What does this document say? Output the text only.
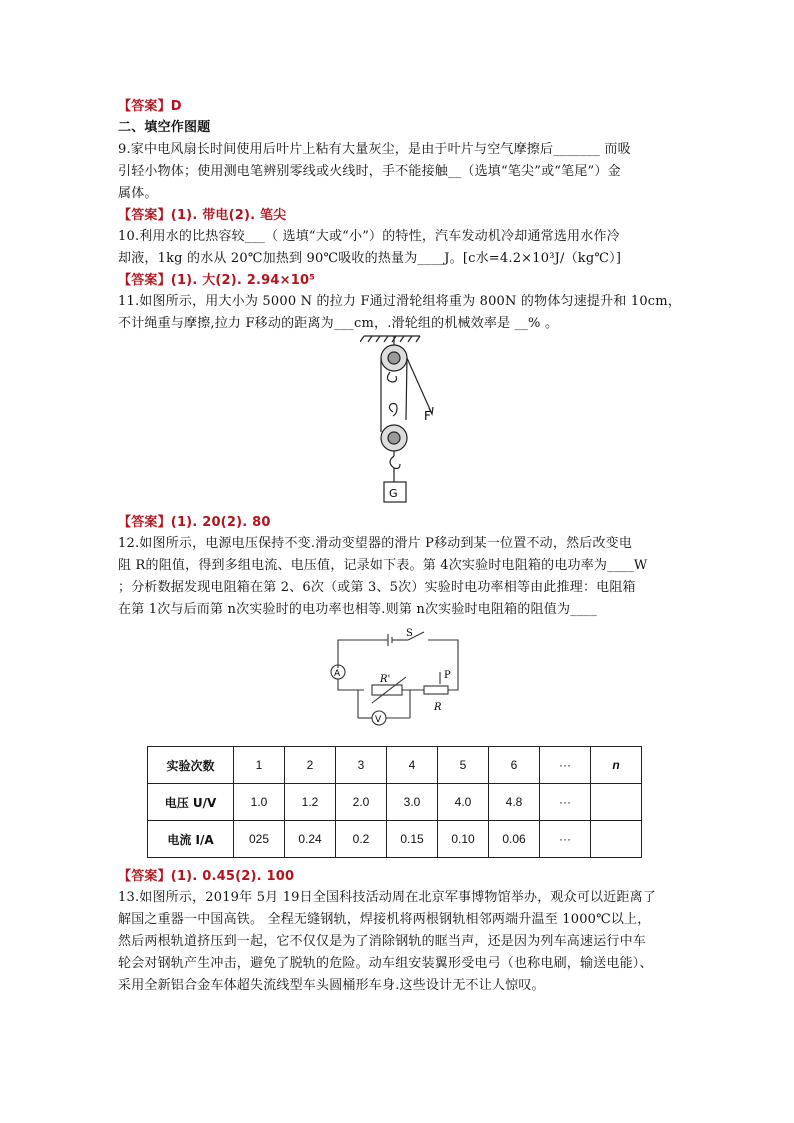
【答案】D
二、填空作图题
9.家中电风扇长时间使用后叶片上粘有大量灰尘，是由于叶片与空气摩擦后_______ 而吸
引轻小物体；使用测电笔辨别零线或火线时，手不能接触__（选填“笔尖”或“笔尾”）金
属体。
【答案】(1). 带电(2). 笔尖
10.利用水的比热容较___（ 选填“大或“小”）的特性，汽车发动机冷却通常选用水作冷
却液，1kg 的水从 20℃加热到 90℃吸收的热量为____J。[c水=4.2×10³J/（kg℃）]
【答案】(1). 大(2). 2.94×10⁵
11.如图所示，用大小为 5000 N 的拉力 F通过滑轮组将重为 800N 的物体匀速提升和 10cm，
不计绳重与摩擦,拉力 F移动的距离为___cm，.滑轮组的机械效率是 __% 。
F
G
【答案】(1). 20(2). 80
12.如图所示，电源电压保持不变.滑动变望器的滑片 P移动到某一位置不动，然后改变电
阻 R的阻值，得到多组电流、电压值，记录如下表。第 4次实验时电阻箱的电功率为____W
；分析数据发现电阻箱在第 2、6次（或第 3、5次）实验时电功率相等由此推理：电阻箱
在第 1次与后而第 n次实验时的电功率也相等.则第 n次实验时电阻箱的阻值为____
S
A
V
R'
R
P
实验次数	1	2	3	4	5	6	···	n
电压 U/V	1.0	1.2	2.0	3.0	4.0	4.8	···	
电流 I/A	025	0.24	0.2	0.15	0.10	0.06	···	
【答案】(1). 0.45(2). 100
13.如图所示，2019年 5月 19日全国科技活动周在北京军事博物馆举办，观众可以近距离了
解国之重器一中国高铁。 全程无缝钢轨，焊接机将两根钢轨相邻两端升温至 1000℃以上，
然后两根轨道挤压到一起，它不仅仅是为了消除钢轨的眶当声，还是因为列车高速运行中车
轮会对钢轨产生冲击，避免了脱轨的危险。动车组安装翼形受电弓（也称电刷，输送电能）、
采用全新铝合金车体超失流线型车头圆桶形车身.这些设计无不让人惊叹。
